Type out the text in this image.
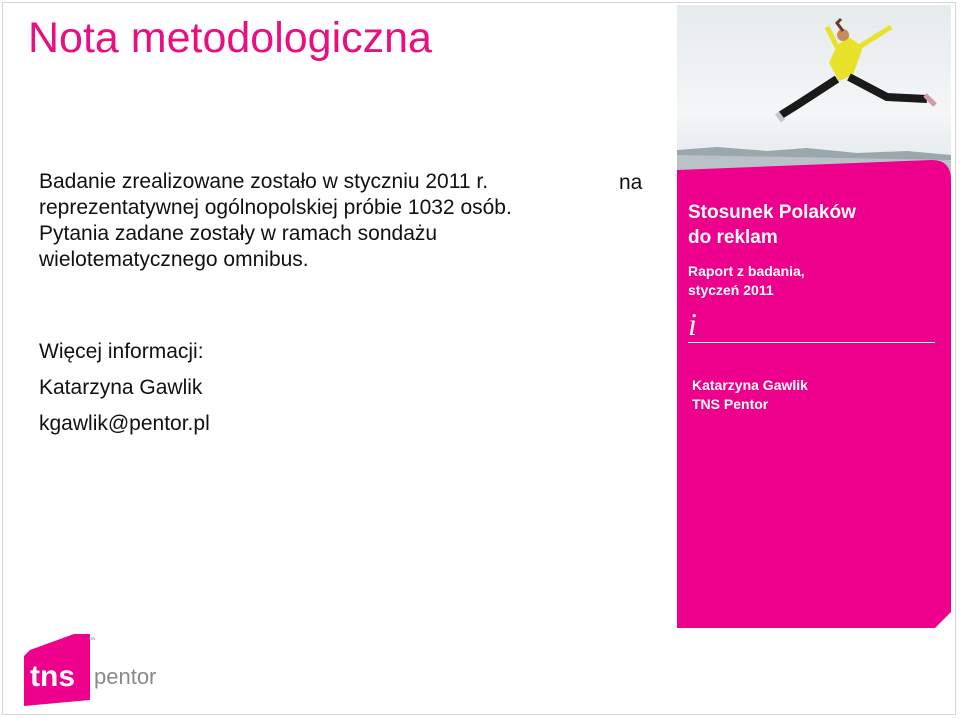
Nota metodologiczna

Badanie zrealizowane zostało w styczniu 2011 r.

reprezentatywnej ogólnopolskiej próbie 1032 osób.

Pytania zadane zostały w ramach sondażu

wielotematycznego omnibus.

na

Więcej informacji:

Katarzyna Gawlik

kgawlik@pentor.pl

Stosunek Polaków
do reklam
Raport z badania,
styczeń 2011
i
Katarzyna Gawlik
TNS Pentor
tns pentor
™
